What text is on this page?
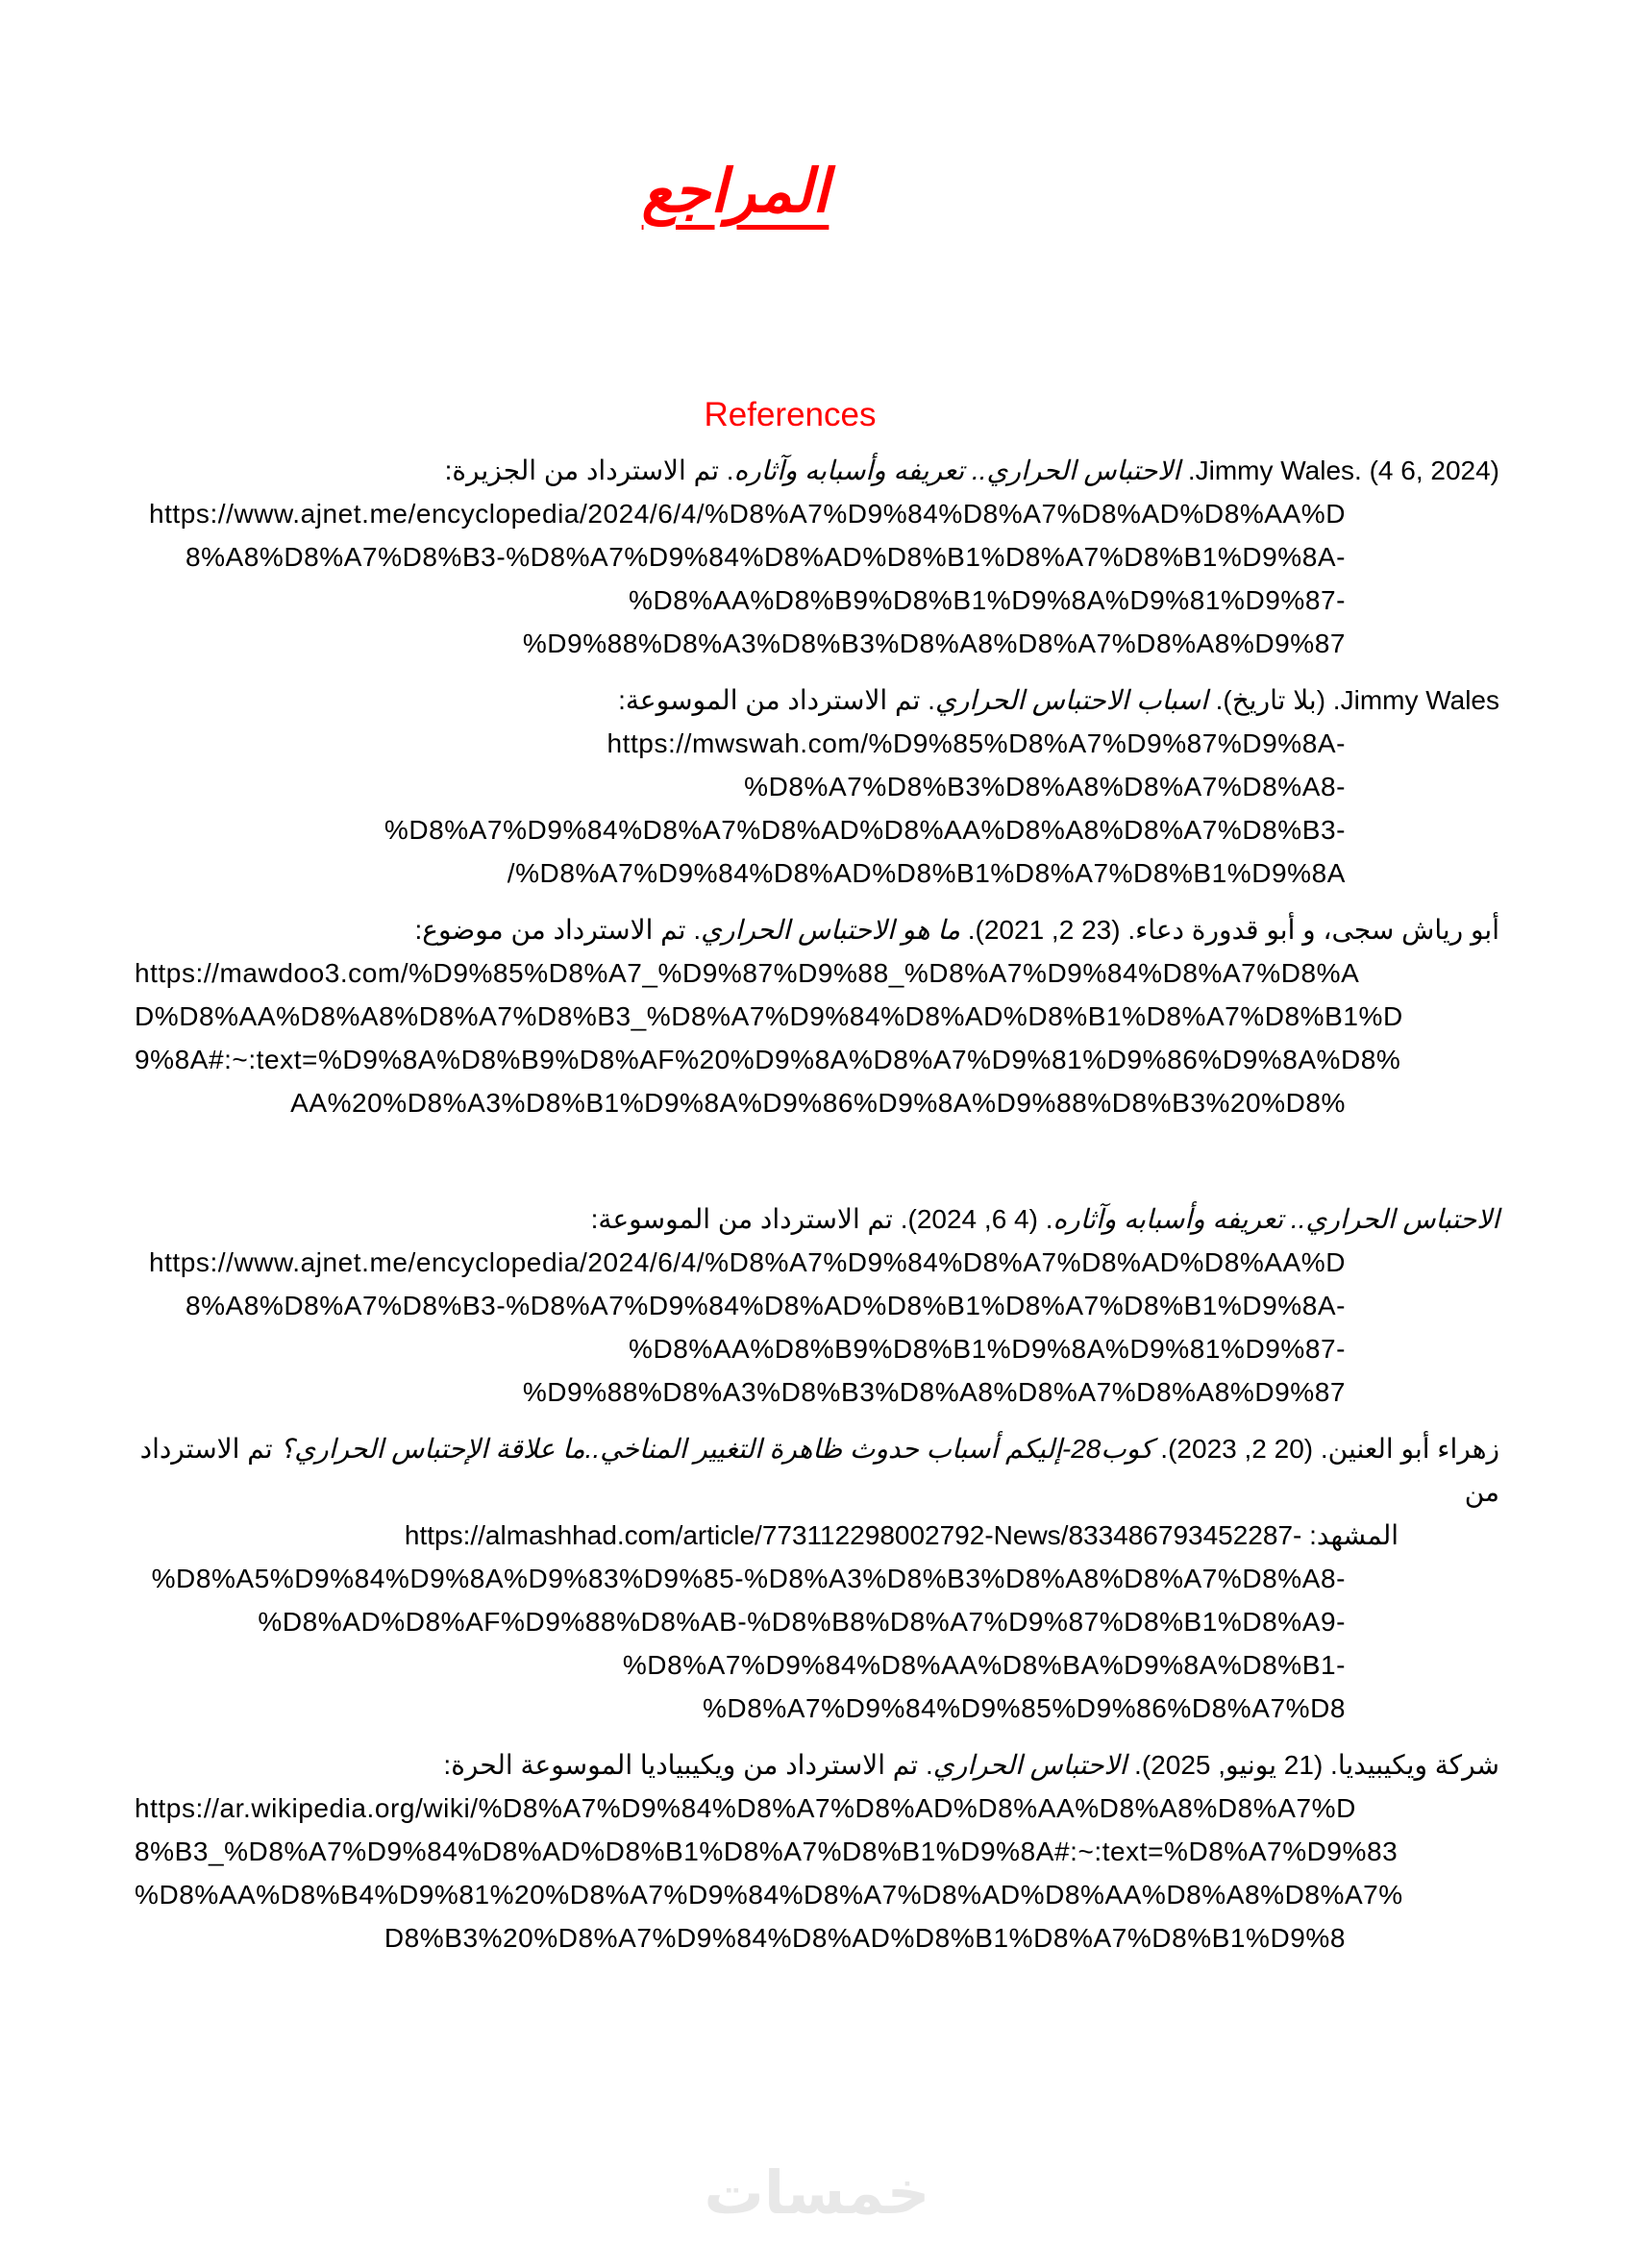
المراجع
References

Jimmy Wales. (4 6, 2024). الاحتباس الحراري.. تعريفه وأسبابه وآثاره. تم الاسترداد من الجزيرة:

https://www.ajnet.me/encyclopedia/2024/6/4/%D8%A7%D9%84%D8%A7%D8%AD%D8%AA%D

8%A8%D8%A7%D8%B3-%D8%A7%D9%84%D8%AD%D8%B1%D8%A7%D8%B1%D9%8A-

%D8%AA%D8%B9%D8%B1%D9%8A%D9%81%D9%87-

%D9%88%D8%A3%D8%B3%D8%A8%D8%A7%D8%A8%D9%87

Jimmy Wales. (بلا تاريخ). اسباب الاحتباس الحراري. تم الاسترداد من الموسوعة:

https://mwswah.com/%D9%85%D8%A7%D9%87%D9%8A-

%D8%A7%D8%B3%D8%A8%D8%A7%D8%A8-

%D8%A7%D9%84%D8%A7%D8%AD%D8%AA%D8%A8%D8%A7%D8%B3-

/%D8%A7%D9%84%D8%AD%D8%B1%D8%A7%D8%B1%D9%8A

أبو رياش سجى، و أبو قدورة دعاء. (23 2, 2021). ما هو الاحتباس الحراري. تم الاسترداد من موضوع:

https://mawdoo3.com/%D9%85%D8%A7_%D9%87%D9%88_%D8%A7%D9%84%D8%A7%D8%A

D%D8%AA%D8%A8%D8%A7%D8%B3_%D8%A7%D9%84%D8%AD%D8%B1%D8%A7%D8%B1%D

9%8A#:~:text=%D9%8A%D8%B9%D8%AF%20%D9%8A%D8%A7%D9%81%D9%86%D9%8A%D8%

AA%20%D8%A3%D8%B1%D9%8A%D9%86%D9%8A%D9%88%D8%B3%20%D8%

الاحتباس الحراري.. تعريفه وأسبابه وآثاره. (4 6, 2024). تم الاسترداد من الموسوعة:

https://www.ajnet.me/encyclopedia/2024/6/4/%D8%A7%D9%84%D8%A7%D8%AD%D8%AA%D

8%A8%D8%A7%D8%B3-%D8%A7%D9%84%D8%AD%D8%B1%D8%A7%D8%B1%D9%8A-

%D8%AA%D8%B9%D8%B1%D9%8A%D9%81%D9%87-

%D9%88%D8%A3%D8%B3%D8%A8%D8%A7%D8%A8%D9%87

زهراء أبو العنين. (20 2, 2023). كوب28-إليكم أسباب حدوث ظاهرة التغيير المناخي..ما علاقة الإحتباس الحراري؟ تم الاسترداد من

المشهد: https://almashhad.com/article/773112298002792-News/833486793452287-

%D8%A5%D9%84%D9%8A%D9%83%D9%85-%D8%A3%D8%B3%D8%A8%D8%A7%D8%A8-

%D8%AD%D8%AF%D9%88%D8%AB-%D8%B8%D8%A7%D9%87%D8%B1%D8%A9-

%D8%A7%D9%84%D8%AA%D8%BA%D9%8A%D8%B1-

%D8%A7%D9%84%D9%85%D9%86%D8%A7%D8

شركة ويكيبيديا. (21 يونيو, 2025). الاحتباس الحراري. تم الاسترداد من ويكيبياديا الموسوعة الحرة:

https://ar.wikipedia.org/wiki/%D8%A7%D9%84%D8%A7%D8%AD%D8%AA%D8%A8%D8%A7%D

8%B3_%D8%A7%D9%84%D8%AD%D8%B1%D8%A7%D8%B1%D9%8A#:~:text=%D8%A7%D9%83

%D8%AA%D8%B4%D9%81%20%D8%A7%D9%84%D8%A7%D8%AD%D8%AA%D8%A8%D8%A7%

D8%B3%20%D8%A7%D9%84%D8%AD%D8%B1%D8%A7%D8%B1%D9%8

خمسات
